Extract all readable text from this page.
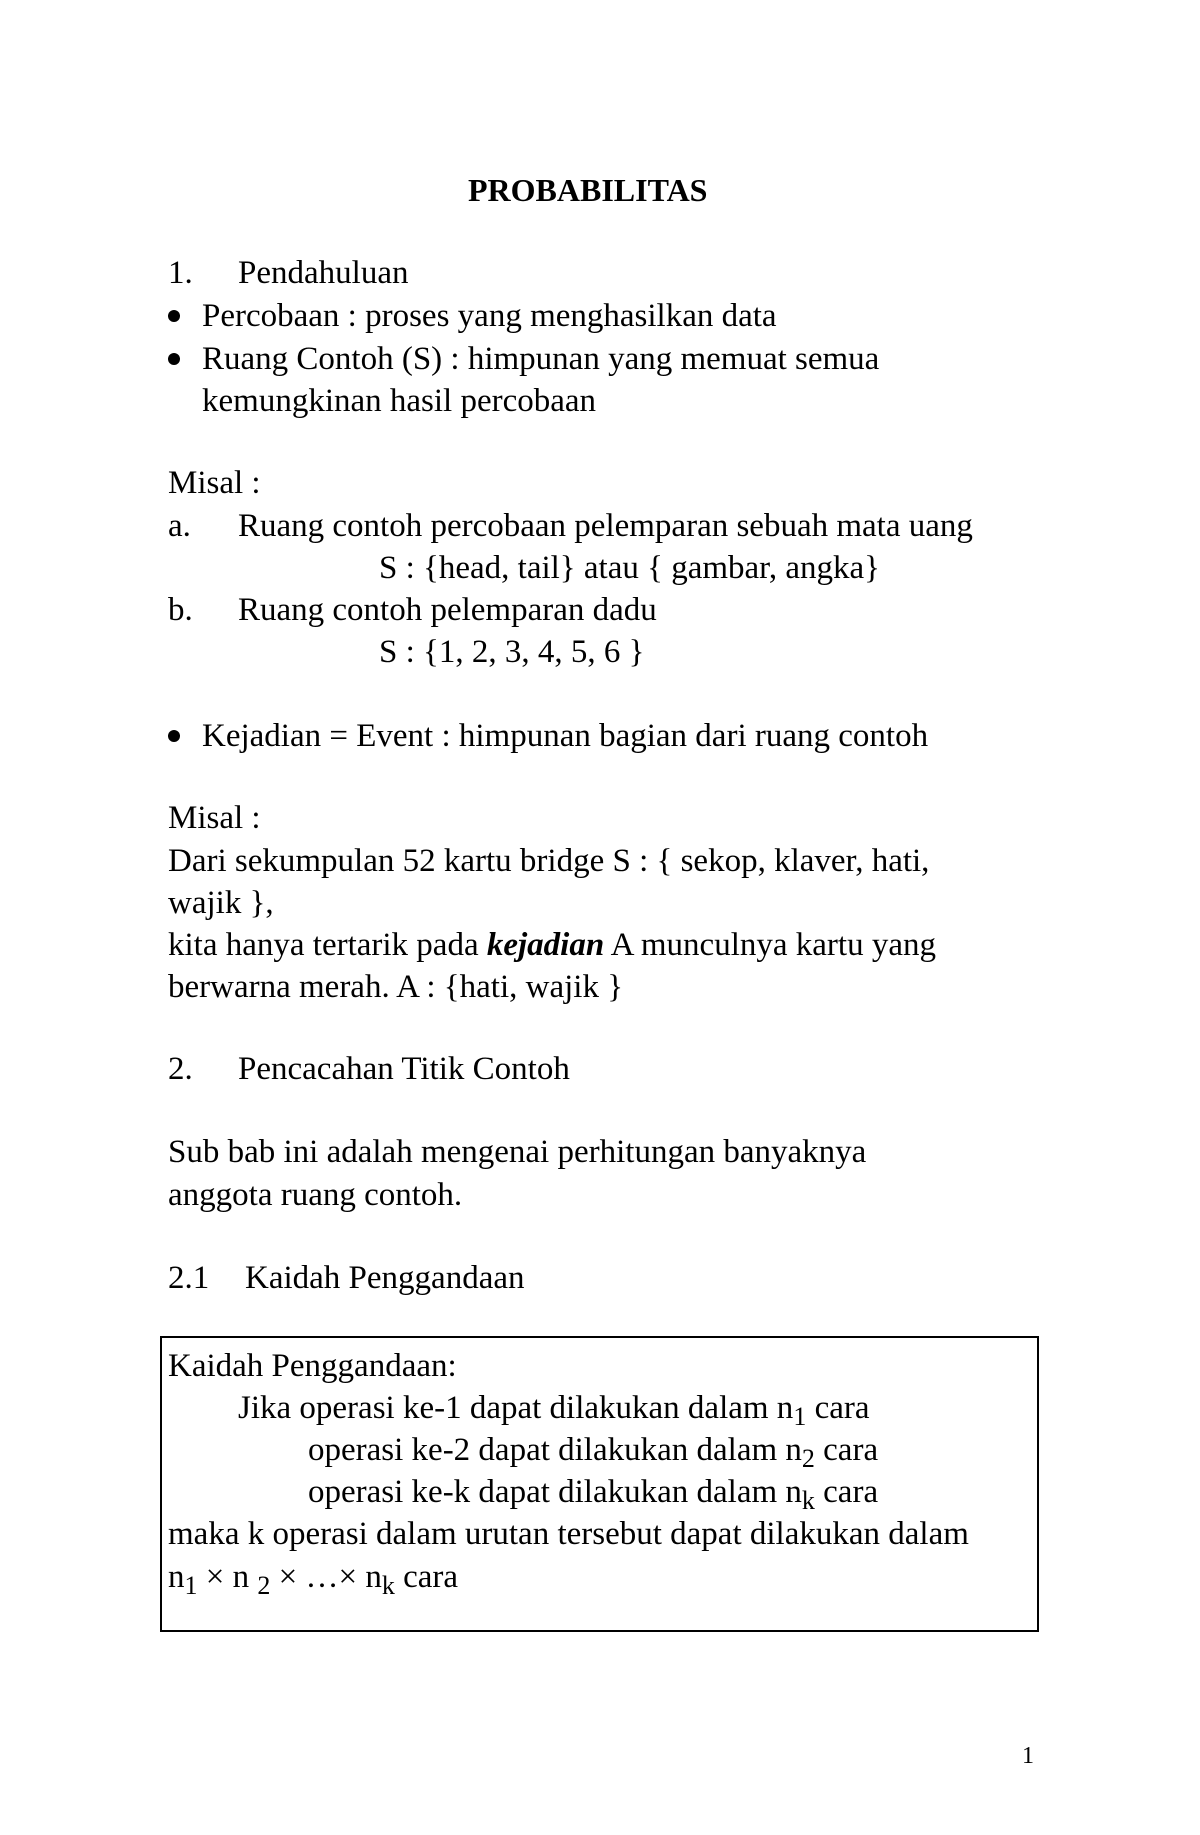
PROBABILITAS
1. Pendahuluan
Percobaan : proses yang menghasilkan data
Ruang Contoh (S) : himpunan yang memuat semua
kemungkinan hasil percobaan
Misal :
a. Ruang contoh percobaan pelemparan sebuah mata uang
S : {head, tail} atau { gambar, angka}
b. Ruang contoh pelemparan dadu
S : {1, 2, 3, 4, 5, 6 }
Kejadian = Event : himpunan bagian dari ruang contoh
Misal :
Dari sekumpulan 52 kartu bridge S : { sekop, klaver, hati,
wajik },
kita hanya tertarik pada kejadian A munculnya kartu yang
berwarna merah. A : {hati, wajik }
2. Pencacahan Titik Contoh
Sub bab ini adalah mengenai perhitungan banyaknya
anggota ruang contoh.
2.1 Kaidah Penggandaan
Kaidah Penggandaan:
Jika operasi ke-1 dapat dilakukan dalam $n_1$ cara
operasi ke-2 dapat dilakukan dalam $n_2$ cara
operasi ke-k dapat dilakukan dalam $n_k$ cara
maka k operasi dalam urutan tersebut dapat dilakukan dalam
$n_1 \times n$ $_2$ × …× $n_k$ cara
1
